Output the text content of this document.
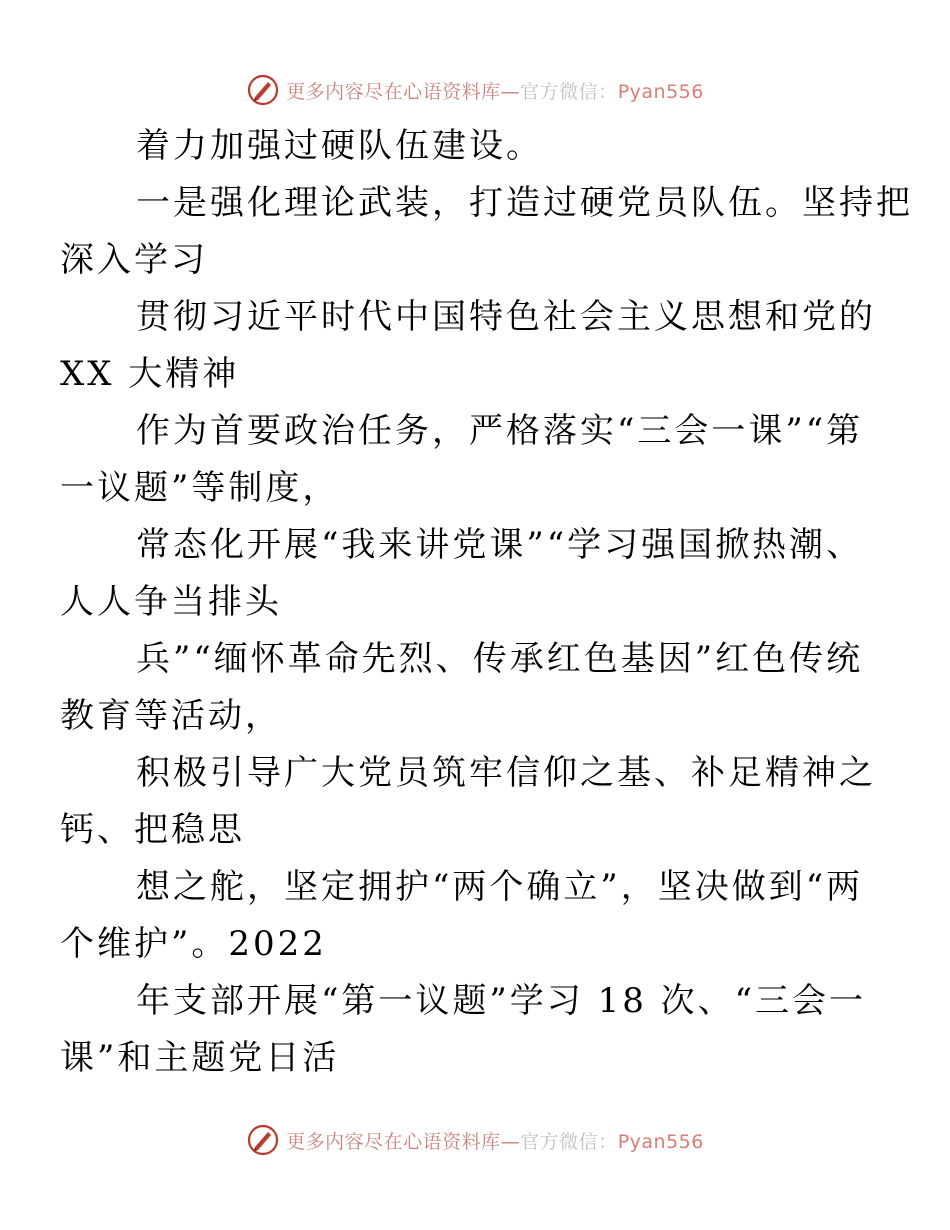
更多内容尽在心语资料库—官方微信：Pyan556

着力加强过硬队伍建设。

一是强化理论武装，打造过硬党员队伍。坚持把
深入学习

贯彻习近平时代中国特色社会主义思想和党的
XX 大精神

作为首要政治任务，严格落实“三会一课”“第
一议题”等制度，

常态化开展“我来讲党课”“学习强国掀热潮、
人人争当排头

兵”“缅怀革命先烈、传承红色基因”红色传统
教育等活动，

积极引导广大党员筑牢信仰之基、补足精神之
钙、把稳思

想之舵，坚定拥护“两个确立”，坚决做到“两
个维护”。2022

年支部开展“第一议题”学习 18 次、“三会一
课”和主题党日活

更多内容尽在心语资料库—官方微信：Pyan556
